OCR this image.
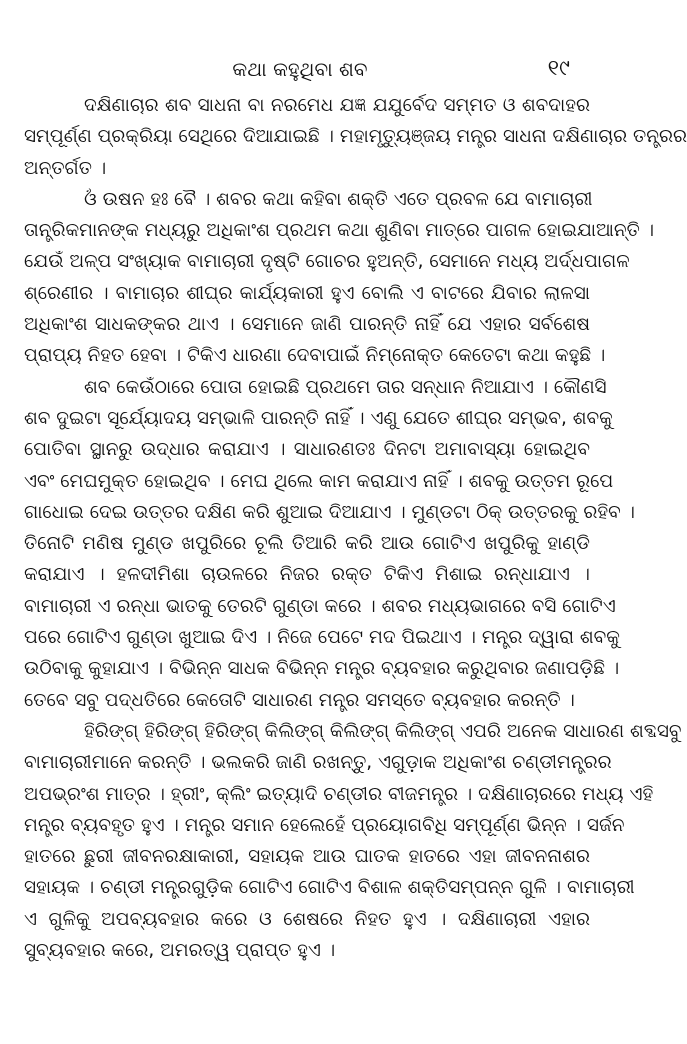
କଥା କହୁଥିବା ଶବ	୧୯

ଦକ୍ଷିଣାଚାର ଶବ ସାଧନା ବା ନରମେଧ ଯଜ୍ଞ ଯଯୁର୍ବେଦ ସମ୍ମତ ଓ ଶବଦାହର
ସମ୍ପୂର୍ଣ୍ଣ ପ୍ରକ୍ରିୟା ସେଥିରେ ଦିଆଯାଇଛି । ମହାମୃତ୍ୟୁଞ୍ଜୟ ମନ୍ତ୍ର ସାଧନା ଦକ୍ଷିଣାଚାର ତନ୍ତ୍ରର
ଅନ୍ତର୍ଗତ ।

ଓଁ ଉଷନ ହଃ ବୈ । ଶବର କଥା କହିବା ଶକ୍ତି ଏତେ ପ୍ରବଳ ଯେ ବାମାଚାରୀ
ତାନ୍ତ୍ରିକମାନଙ୍କ ମଧ୍ୟରୁ ଅଧିକାଂଶ ପ୍ରଥମ କଥା ଶୁଣିବା ମାତ୍ରେ ପାଗଳ ହୋଇଯାଆନ୍ତି ।
ଯେଉଁ ଅଳ୍ପ ସଂଖ୍ୟାକ ବାମାଚାରୀ ଦୃଷ୍ଟି ଗୋଚର ହୁଅନ୍ତି, ସେମାନେ ମଧ୍ୟ ଅର୍ଦ୍ଧପାଗଳ
ଶ୍ରେଣୀର । ବାମାଚାର ଶୀଘ୍ର କାର୍ଯ୍ୟକାରୀ ହୁଏ ବୋଲି ଏ ବାଟରେ ଯିବାର ଲାଳସା
ଅଧିକାଂଶ ସାଧକଙ୍କର ଥାଏ । ସେମାନେ ଜାଣି ପାରନ୍ତି ନାହିଁ ଯେ ଏହାର ସର୍ବଶେଷ
ପ୍ରାପ୍ୟ ନିହତ ହେବା । ଟିକିଏ ଧାରଣା ଦେବାପାଇଁ ନିମ୍ନୋକ୍ତ କେତେଟା କଥା କହୁଛି ।

ଶବ କେଉଁଠାରେ ପୋତା ହୋଇଛି ପ୍ରଥମେ ତାର ସନ୍ଧାନ ନିଆଯାଏ । କୌଣସି
ଶବ ଦୁଇଟା ସୂର୍ଯ୍ୟୋଦୟ ସମ୍ଭାଳି ପାରନ୍ତି ନାହିଁ । ଏଣୁ ଯେତେ ଶୀଘ୍ର ସମ୍ଭବ, ଶବକୁ
ପୋତିବା ସ୍ଥାନରୁ ଉଦ୍ଧାର କରାଯାଏ । ସାଧାରଣତଃ ଦିନଟା ଅମାବାସ୍ୟା ହୋଇଥିବ
ଏବଂ ମେଘମୁକ୍ତ ହୋଇଥିବ । ମେଘ ଥିଲେ କାମ କରାଯାଏ ନାହିଁ । ଶବକୁ ଉତ୍ତମ ରୂପେ
ଗାଧୋଇ ଦେଇ ଉତ୍ତର ଦକ୍ଷିଣ କରି ଶୁଆଇ ଦିଆଯାଏ । ମୁଣ୍ଡଟା ଠିକ୍ ଉତ୍ତରକୁ ରହିବ ।
ତିନୋଟି ମଣିଷ ମୁଣ୍ଡ ଖପୁରିରେ ଚୂଲି ତିଆରି କରି ଆଉ ଗୋଟିଏ ଖପୁରିକୁ ହାଣ୍ଡି
କରାଯାଏ । ହଳଦୀମିଶା ଚାଉଳରେ ନିଜର ରକ୍ତ ଟିକିଏ ମିଶାଇ ରନ୍ଧାଯାଏ ।
ବାମାଚାରୀ ଏ ରନ୍ଧା ଭାତକୁ ତେରଟି ଗୁଣ୍ଡା କରେ । ଶବର ମଧ୍ୟଭାଗରେ ବସି ଗୋଟିଏ
ପରେ ଗୋଟିଏ ଗୁଣ୍ଡା ଖୁଆଇ ଦିଏ । ନିଜେ ପେଟେ ମଦ ପିଇଥାଏ । ମନ୍ତ୍ର ଦ୍ୱାରା ଶବକୁ
ଉଠିବାକୁ କୁହାଯାଏ । ବିଭିନ୍ନ ସାଧକ ବିଭିନ୍ନ ମନ୍ତ୍ର ବ୍ୟବହାର କରୁଥିବାର ଜଣାପଡ଼ିଛି ।
ତେବେ ସବୁ ପଦ୍ଧତିରେ କେତୋଟି ସାଧାରଣ ମନ୍ତ୍ର ସମସ୍ତେ ବ୍ୟବହାର କରନ୍ତି ।

ହିରିଙ୍ଗ୍ ହିରିଙ୍ଗ୍ ହିରିଙ୍ଗ୍ କିଲିଙ୍ଗ୍ କିଲିଙ୍ଗ୍ କିଲିଙ୍ଗ୍ ଏପରି ଅନେକ ସାଧାରଣ ଶବ୍ଦସବୁ
ବାମାଚାରୀମାନେ କରନ୍ତି । ଭଲକରି ଜାଣି ରଖନ୍ତୁ, ଏଗୁଡ଼ାକ ଅଧିକାଂଶ ଚଣ୍ଡୀମନ୍ତ୍ରର
ଅପଭ୍ରଂଶ ମାତ୍ର । ହ୍ରୀଂ, କ୍ଲିଂ ଇତ୍ୟାଦି ଚଣ୍ଡୀର ବୀଜମନ୍ତ୍ର । ଦକ୍ଷିଣାଚାରରେ ମଧ୍ୟ ଏହି
ମନ୍ତ୍ର ବ୍ୟବହୃତ ହୁଏ । ମନ୍ତ୍ର ସମାନ ହେଲେହେଁ ପ୍ରୟୋଗବିଧି ସମ୍ପୂର୍ଣ୍ଣ ଭିନ୍ନ । ସର୍ଜନ
ହାତରେ ଛୁରୀ ଜୀବନରକ୍ଷାକାରୀ, ସହାୟକ ଆଉ ଘାତକ ହାତରେ ଏହା ଜୀବନନାଶର
ସହାୟକ । ଚଣ୍ଡୀ ମନ୍ତ୍ରଗୁଡ଼ିକ ଗୋଟିଏ ଗୋଟିଏ ବିଶାଳ ଶକ୍ତିସମ୍ପନ୍ନ ଗୁଳି । ବାମାଚାରୀ
ଏ ଗୁଳିକୁ ଅପବ୍ୟବହାର କରେ ଓ ଶେଷରେ ନିହତ ହୁଏ । ଦକ୍ଷିଣାଚାରୀ ଏହାର
ସୁବ୍ୟବହାର କରେ, ଅମରତ୍ୱ ପ୍ରାପ୍ତ ହୁଏ ।
